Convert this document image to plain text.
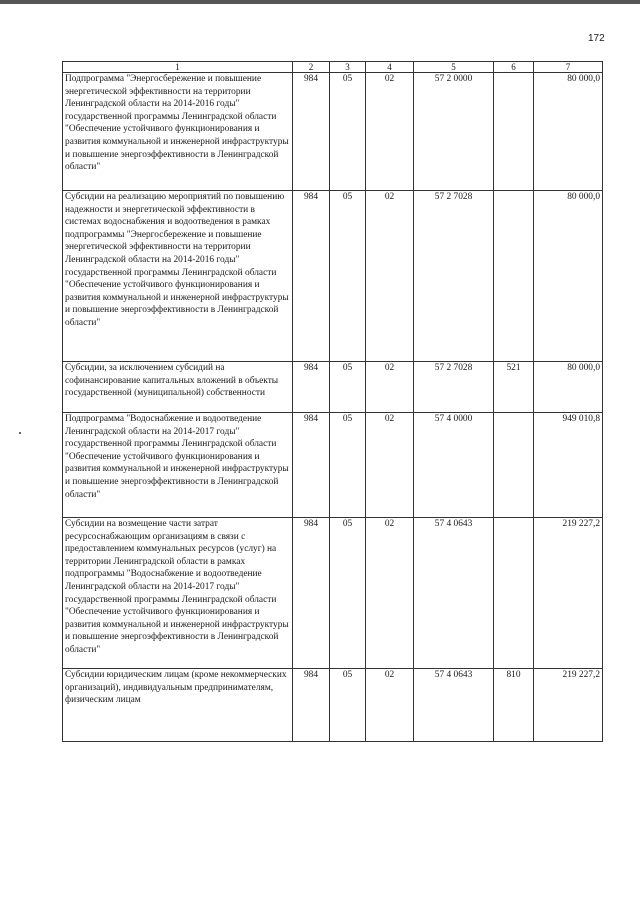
172
1	2	3	4	5	6	7
Подпрограмма "Энергосбережение и повышение энергетической эффективности на территории Ленинградской области на 2014-2016 годы" государственной программы Ленинградской области "Обеспечение устойчивого функционирования и развития коммунальной и инженерной инфраструктуры и повышение энергоэффективности в Ленинградской области"	984	05	02	57 2 0000		80 000,0
Субсидии на реализацию мероприятий по повышению надежности и энергетической эффективности в системах водоснабжения и водоотведения в рамках подпрограммы "Энергосбережение и повышение энергетической эффективности на территории Ленинградской области на 2014-2016 годы" государственной программы Ленинградской области "Обеспечение устойчивого функционирования и развития коммунальной и инженерной инфраструктуры и повышение энергоэффективности в Ленинградской области"	984	05	02	57 2 7028		80 000,0
Субсидии, за исключением субсидий на софинансирование капитальных вложений в объекты государственной (муниципальной) собственности	984	05	02	57 2 7028	521	80 000,0
Подпрограмма "Водоснабжение и водоотведение Ленинградской области на 2014-2017 годы" государственной программы Ленинградской области "Обеспечение устойчивого функционирования и развития коммунальной и инженерной инфраструктуры и повышение энергоэффективности в Ленинградской области"	984	05	02	57 4 0000		949 010,8
Субсидии на возмещение части затрат ресурсоснабжающим организациям в связи с предоставлением коммунальных ресурсов (услуг) на территории Ленинградской области в рамках подпрограммы "Водоснабжение и водоотведение Ленинградской области на 2014-2017 годы" государственной программы Ленинградской области "Обеспечение устойчивого функционирования и развития коммунальной и инженерной инфраструктуры и повышение энергоэффективности в Ленинградской области"	984	05	02	57 4 0643		219 227,2
Субсидии юридическим лицам (кроме некоммерческих организаций), индивидуальным предпринимателям, физическим лицам	984	05	02	57 4 0643	810	219 227,2
